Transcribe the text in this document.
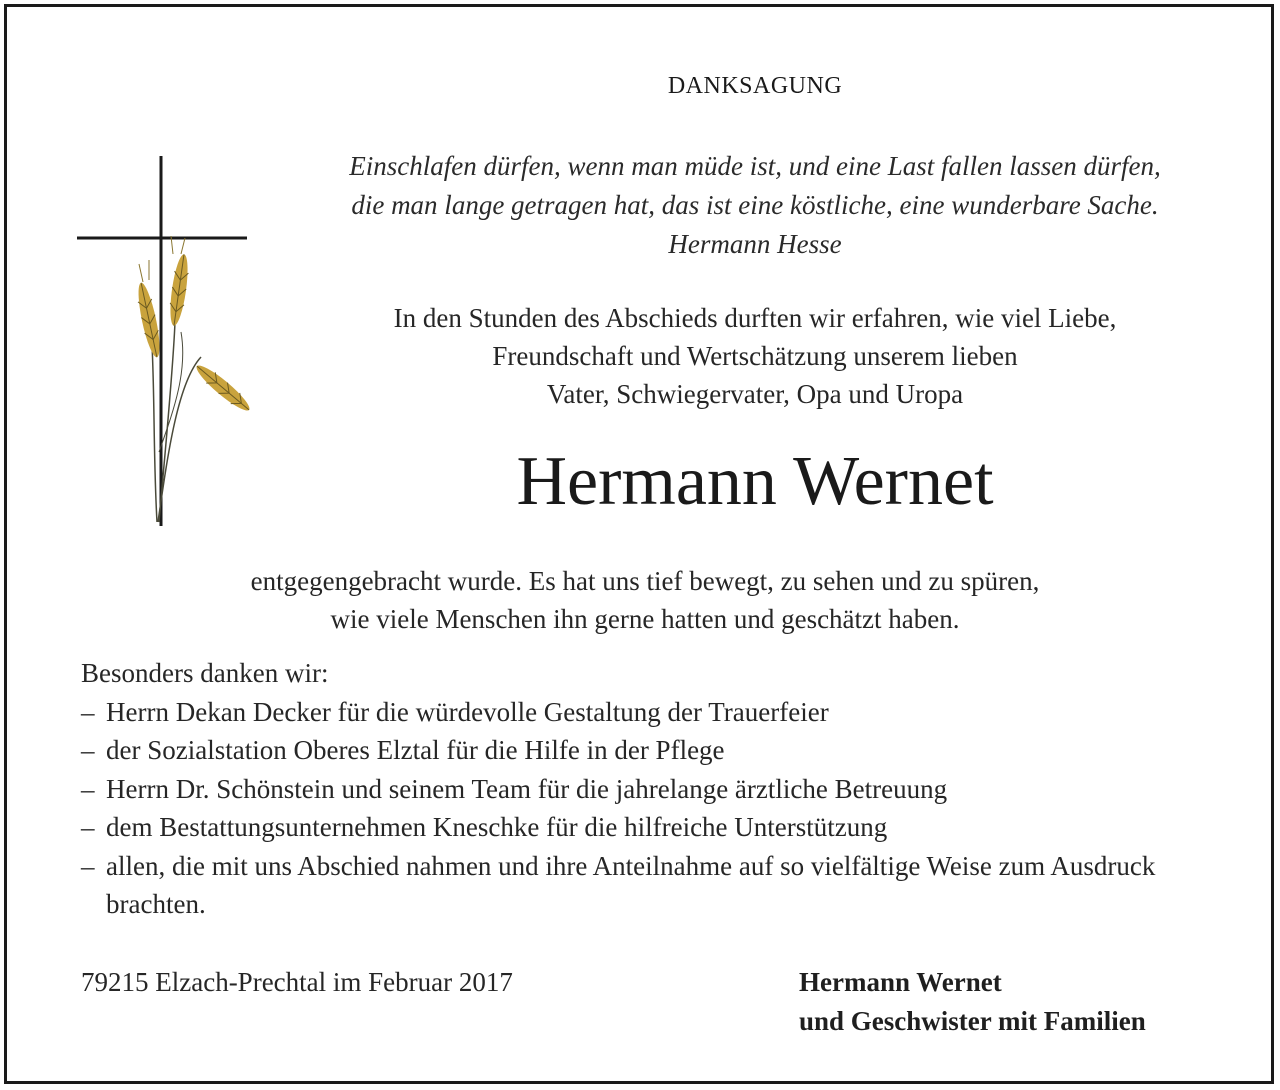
DANKSAGUNG
Einschlafen dürfen, wenn man müde ist, und eine Last fallen lassen dürfen,
die man lange getragen hat, das ist eine köstliche, eine wunderbare Sache.
Hermann Hesse
In den Stunden des Abschieds durften wir erfahren, wie viel Liebe,
Freundschaft und Wertschätzung unserem lieben
Vater, Schwiegervater, Opa und Uropa
Hermann Wernet
entgegengebracht wurde. Es hat uns tief bewegt, zu sehen und zu spüren,
wie viele Menschen ihn gerne hatten und geschätzt haben.
Besonders danken wir:
– Herrn Dekan Decker für die würdevolle Gestaltung der Trauerfeier
– der Sozialstation Oberes Elztal für die Hilfe in der Pflege
– Herrn Dr. Schönstein und seinem Team für die jahrelange ärztliche Betreuung
– dem Bestattungsunternehmen Kneschke für die hilfreiche Unterstützung
– allen, die mit uns Abschied nahmen und ihre Anteilnahme auf so vielfältige Weise zum Ausdruck brachten.
79215 Elzach-Prechtal im Februar 2017	Hermann Wernet
und Geschwister mit Familien
